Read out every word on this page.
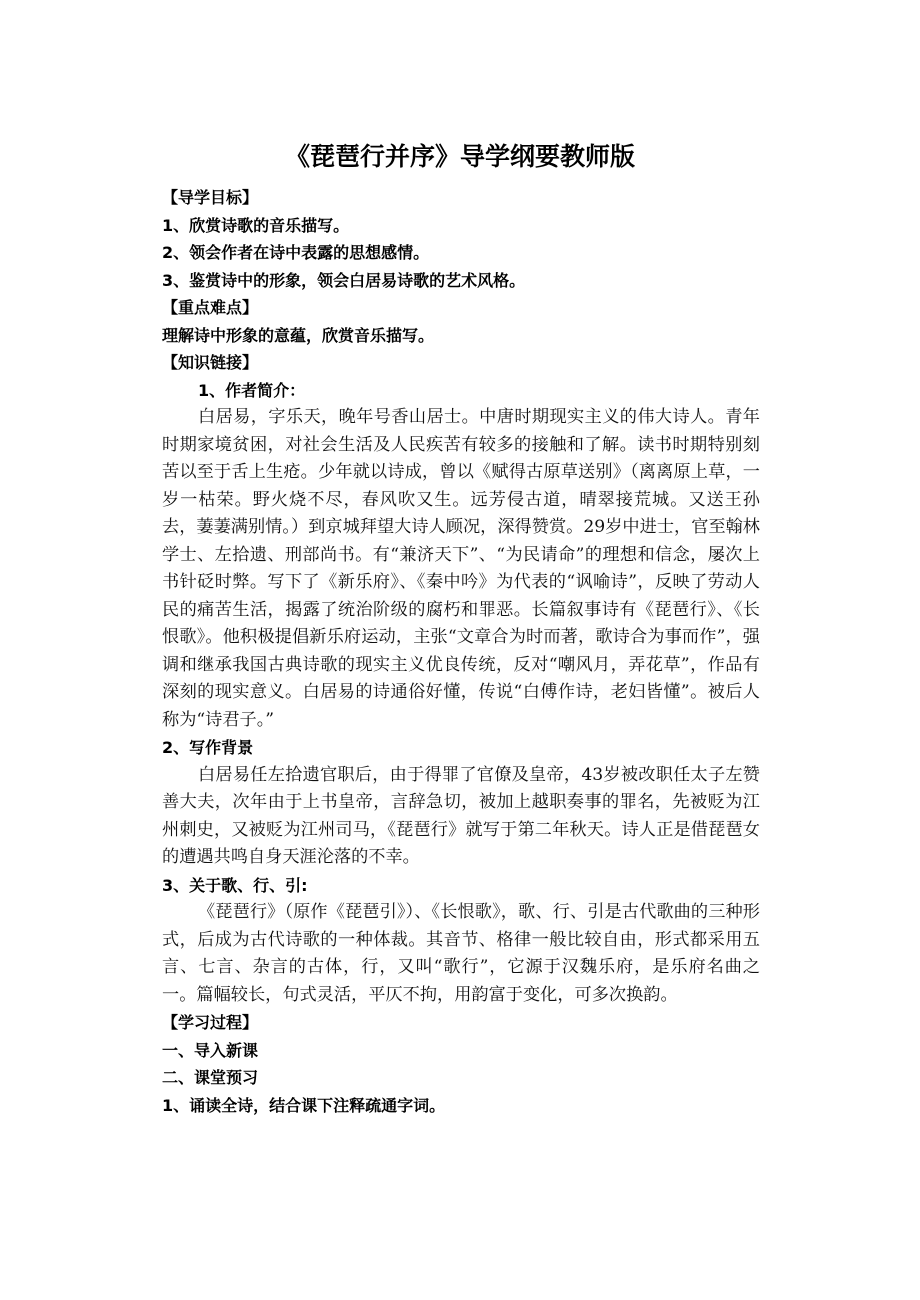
《琵琶行并序》导学纲要教师版

【导学目标】

1、欣赏诗歌的音乐描写。

2、领会作者在诗中表露的思想感情。

3、鉴赏诗中的形象，领会白居易诗歌的艺术风格。

【重点难点】

理解诗中形象的意蕴，欣赏音乐描写。

【知识链接】

1、作者简介：

白居易，字乐天，晚年号香山居士。中唐时期现实主义的伟大诗人。青年时期家境贫困，对社会生活及人民疾苦有较多的接触和了解。读书时期特别刻苦以至于舌上生疮。少年就以诗成，曾以《赋得古原草送别》（离离原上草，一岁一枯荣。野火烧不尽，春风吹又生。远芳侵古道，晴翠接荒城。又送王孙去，萋萋满别情。）到京城拜望大诗人顾况，深得赞赏。29岁中进士，官至翰林学士、左拾遗、刑部尚书。有“兼济天下”、“为民请命”的理想和信念，屡次上书针砭时弊。写下了《新乐府》、《秦中吟》为代表的“讽喻诗”，反映了劳动人民的痛苦生活，揭露了统治阶级的腐朽和罪恶。长篇叙事诗有《琵琶行》、《长恨歌》。他积极提倡新乐府运动，主张“文章合为时而著，歌诗合为事而作”，强调和继承我国古典诗歌的现实主义优良传统，反对“嘲风月，弄花草”，作品有深刻的现实意义。白居易的诗通俗好懂，传说“白傅作诗，老妇皆懂”。被后人称为“诗君子。”

2、写作背景

白居易任左拾遗官职后，由于得罪了官僚及皇帝，43岁被改职任太子左赞善大夫，次年由于上书皇帝，言辞急切，被加上越职奏事的罪名，先被贬为江州刺史，又被贬为江州司马，《琵琶行》就写于第二年秋天。诗人正是借琵琶女的遭遇共鸣自身天涯沦落的不幸。

3、关于歌、行、引:

《琵琶行》（原作《琵琶引》）、《长恨歌》，歌、行、引是古代歌曲的三种形式，后成为古代诗歌的一种体裁。其音节、格律一般比较自由，形式都采用五言、七言、杂言的古体，行，又叫“歌行”，它源于汉魏乐府，是乐府名曲之一。篇幅较长，句式灵活，平仄不拘，用韵富于变化，可多次换韵。

【学习过程】

一、导入新课

二、课堂预习

1、诵读全诗，结合课下注释疏通字词。
